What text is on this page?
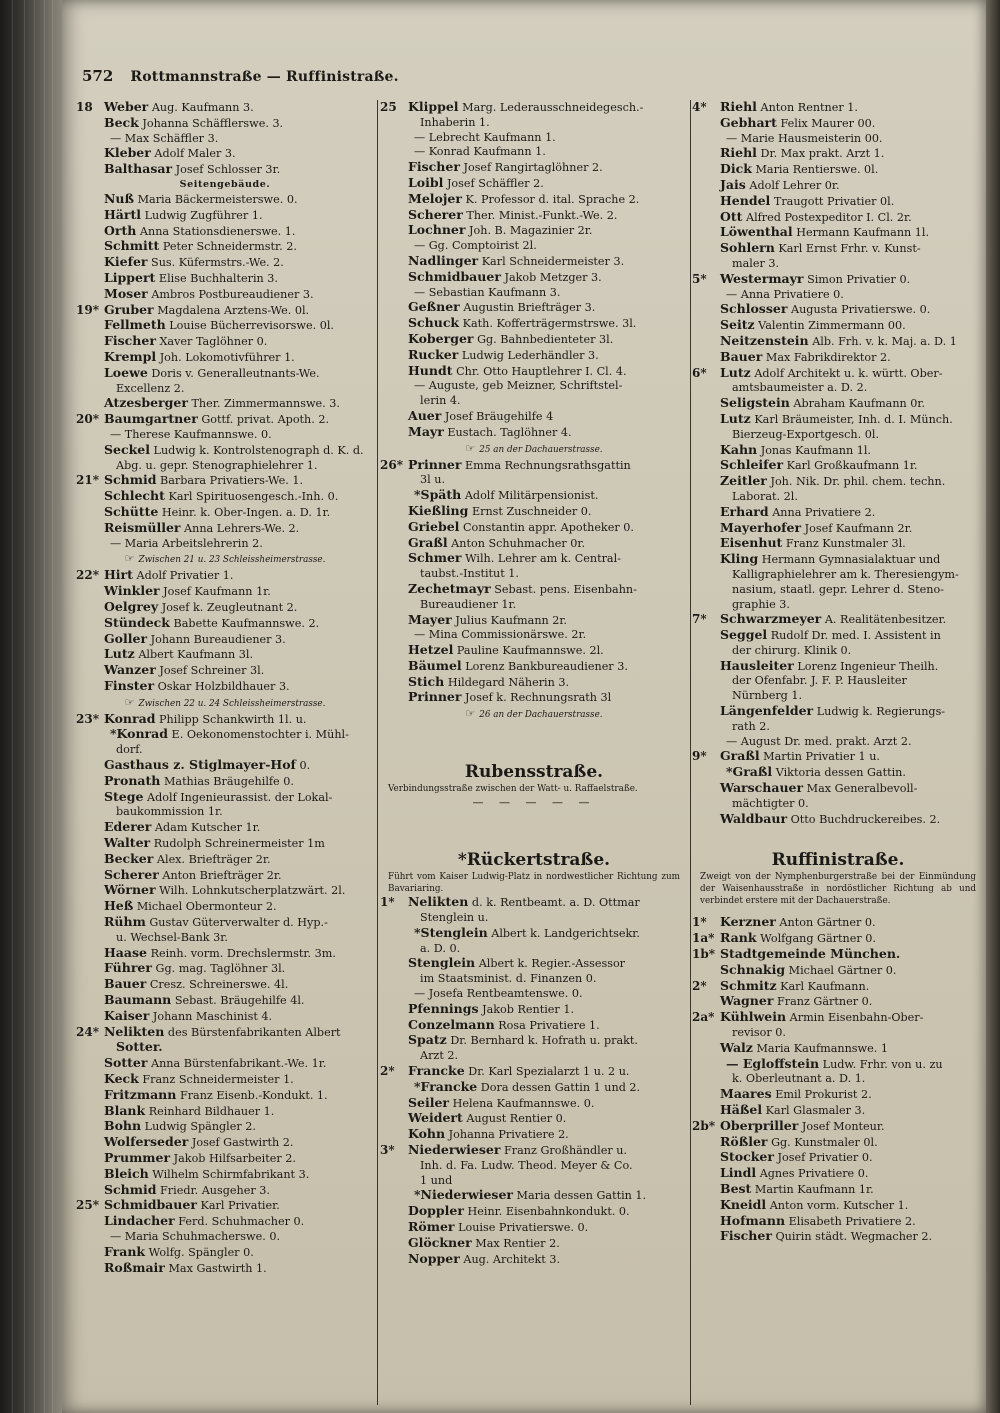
572 Rottmannstraße — Ruffinistraße.
18 Weber Aug. Kaufmann 3.
Beck Johanna Schäfflerswe. 3.
— Max Schäffler 3.
Kleber Adolf Maler 3.
Balthasar Josef Schlosser 3r.
Seitengebäude.
Nuß Maria Bäckermeisterswe. 0.
Härtl Ludwig Zugführer 1.
Orth Anna Stationsdienerswe. 1.
Schmitt Peter Schneidermstr. 2.
Kiefer Sus. Küfermstrs.-We. 2.
Lippert Elise Buchhalterin 3.
Moser Ambros Postbureaudiener 3.
19* Gruber Magdalena Arztens-We. 0l.
Fellmeth Louise Bücherrevisorswe. 0l.
Fischer Xaver Taglöhner 0.
Krempl Joh. Lokomotivführer 1.
Loewe Doris v. Generalleutnants-We.
Excellenz 2.
Atzesberger Ther. Zimmermannswe. 3.
20* Baumgartner Gottf. privat. Apoth. 2.
— Therese Kaufmannswe. 0.
Seckel Ludwig k. Kontrolstenograph d. K. d.
Abg. u. gepr. Stenographielehrer 1.
21* Schmid Barbara Privatiers-We. 1.
Schlecht Karl Spirituosengesch.-Inh. 0.
Schütte Heinr. k. Ober-Ingen. a. D. 1r.
Reismüller Anna Lehrers-We. 2.
— Maria Arbeitslehrerin 2.
☞ Zwischen 21 u. 23 Schleissheimerstrasse.
22* Hirt Adolf Privatier 1.
Winkler Josef Kaufmann 1r.
Oelgrey Josef k. Zeugleutnant 2.
Stündeck Babette Kaufmannswe. 2.
Goller Johann Bureaudiener 3.
Lutz Albert Kaufmann 3l.
Wanzer Josef Schreiner 3l.
Finster Oskar Holzbildhauer 3.
☞ Zwischen 22 u. 24 Schleissheimerstrasse.
23* Konrad Philipp Schankwirth 1l. u.
*Konrad E. Oekonomenstochter i. Mühl-
dorf.
Gasthaus z. Stiglmayer-Hof 0.
Pronath Mathias Bräugehilfe 0.
Stege Adolf Ingenieurassist. der Lokal-
baukommission 1r.
Ederer Adam Kutscher 1r.
Walter Rudolph Schreinermeister 1m
Becker Alex. Briefträger 2r.
Scherer Anton Briefträger 2r.
Wörner Wilh. Lohnkutscherplatzwärt. 2l.
Heß Michael Obermonteur 2.
Rühm Gustav Güterverwalter d. Hyp.-
u. Wechsel-Bank 3r.
Haase Reinh. vorm. Drechslermstr. 3m.
Führer Gg. mag. Taglöhner 3l.
Bauer Cresz. Schreinerswe. 4l.
Baumann Sebast. Bräugehilfe 4l.
Kaiser Johann Maschinist 4.
24* Nelikten des Bürstenfabrikanten Albert
Sotter.
Sotter Anna Bürstenfabrikant.-We. 1r.
Keck Franz Schneidermeister 1.
Fritzmann Franz Eisenb.-Kondukt. 1.
Blank Reinhard Bildhauer 1.
Bohn Ludwig Spängler 2.
Wolferseder Josef Gastwirth 2.
Prummer Jakob Hilfsarbeiter 2.
Bleich Wilhelm Schirmfabrikant 3.
Schmid Friedr. Ausgeher 3.
25* Schmidbauer Karl Privatier.
Lindacher Ferd. Schuhmacher 0.
— Maria Schuhmacherswe. 0.
Frank Wolfg. Spängler 0.
Roßmair Max Gastwirth 1.
25 Klippel Marg. Lederausschneidegesch.-
Inhaberin 1.
— Lebrecht Kaufmann 1.
— Konrad Kaufmann 1.
Fischer Josef Rangirtaglöhner 2.
Loibl Josef Schäffler 2.
Melojer K. Professor d. ital. Sprache 2.
Scherer Ther. Minist.-Funkt.-We. 2.
Lochner Joh. B. Magazinier 2r.
— Gg. Comptoirist 2l.
Nadlinger Karl Schneidermeister 3.
Schmidbauer Jakob Metzger 3.
— Sebastian Kaufmann 3.
Geßner Augustin Briefträger 3.
Schuck Kath. Kofferträgermstrswe. 3l.
Koberger Gg. Bahnbedienteter 3l.
Rucker Ludwig Lederhändler 3.
Hundt Chr. Otto Hauptlehrer I. Cl. 4.
— Auguste, geb Meizner, Schriftstel-
lerin 4.
Auer Josef Bräugehilfe 4
Mayr Eustach. Taglöhner 4.
☞ 25 an der Dachauerstrasse.
26* Prinner Emma Rechnungsrathsgattin
3l u.
*Späth Adolf Militärpensionist.
Kießling Ernst Zuschneider 0.
Griebel Constantin appr. Apotheker 0.
Graßl Anton Schuhmacher 0r.
Schmer Wilh. Lehrer am k. Central-
taubst.-Institut 1.
Zechetmayr Sebast. pens. Eisenbahn-
Bureaudiener 1r.
Mayer Julius Kaufmann 2r.
— Mina Commissionärswe. 2r.
Hetzel Pauline Kaufmannswe. 2l.
Bäumel Lorenz Bankbureaudiener 3.
Stich Hildegard Näherin 3.
Prinner Josef k. Rechnungsrath 3l
☞ 26 an der Dachauerstrasse.
Rubensstraße.
Verbindungsstraße zwischen der Watt- u. Raffaelstraße.
— — — — —
*Rückertstraße.
Führt vom Kaiser Ludwig-Platz in nordwestlicher Richtung zum Bavariaring.
1* Nelikten d. k. Rentbeamt. a. D. Ottmar
Stenglein u.
*Stenglein Albert k. Landgerichtsekr.
a. D. 0.
Stenglein Albert k. Regier.-Assessor
im Staatsminist. d. Finanzen 0.
— Josefa Rentbeamtenswe. 0.
Pfennings Jakob Rentier 1.
Conzelmann Rosa Privatiere 1.
Spatz Dr. Bernhard k. Hofrath u. prakt.
Arzt 2.
2* Francke Dr. Karl Spezialarzt 1 u. 2 u.
*Francke Dora dessen Gattin 1 und 2.
Seiler Helena Kaufmannswe. 0.
Weidert August Rentier 0.
Kohn Johanna Privatiere 2.
3* Niederwieser Franz Großhändler u.
Inh. d. Fa. Ludw. Theod. Meyer & Co.
1 und
*Niederwieser Maria dessen Gattin 1.
Doppler Heinr. Eisenbahnkondukt. 0.
Römer Louise Privatierswe. 0.
Glöckner Max Rentier 2.
Nopper Aug. Architekt 3.
4* Riehl Anton Rentner 1.
Gebhart Felix Maurer 00.
— Marie Hausmeisterin 00.
Riehl Dr. Max prakt. Arzt 1.
Dick Maria Rentierswe. 0l.
Jais Adolf Lehrer 0r.
Hendel Traugott Privatier 0l.
Ott Alfred Postexpeditor I. Cl. 2r.
Löwenthal Hermann Kaufmann 1l.
Sohlern Karl Ernst Frhr. v. Kunst-
maler 3.
5* Westermayr Simon Privatier 0.
— Anna Privatiere 0.
Schlosser Augusta Privatierswe. 0.
Seitz Valentin Zimmermann 00.
Neitzenstein Alb. Frh. v. k. Maj. a. D. 1
Bauer Max Fabrikdirektor 2.
6* Lutz Adolf Architekt u. k. württ. Ober-
amtsbaumeister a. D. 2.
Seligstein Abraham Kaufmann 0r.
Lutz Karl Bräumeister, Inh. d. I. Münch.
Bierzeug-Exportgesch. 0l.
Kahn Jonas Kaufmann 1l.
Schleifer Karl Großkaufmann 1r.
Zeitler Joh. Nik. Dr. phil. chem. techn.
Laborat. 2l.
Erhard Anna Privatiere 2.
Mayerhofer Josef Kaufmann 2r.
Eisenhut Franz Kunstmaler 3l.
Kling Hermann Gymnasialaktuar und
Kalligraphielehrer am k. Theresiengym-
nasium, staatl. gepr. Lehrer d. Steno-
graphie 3.
7* Schwarzmeyer A. Realitätenbesitzer.
Seggel Rudolf Dr. med. I. Assistent in
der chirurg. Klinik 0.
Hausleiter Lorenz Ingenieur Theilh.
der Ofenfabr. J. F. P. Hausleiter
Nürnberg 1.
Längenfelder Ludwig k. Regierungs-
rath 2.
— August Dr. med. prakt. Arzt 2.
9* Graßl Martin Privatier 1 u.
*Graßl Viktoria dessen Gattin.
Warschauer Max Generalbevoll-
mächtigter 0.
Waldbaur Otto Buchdruckereibes. 2.
Ruffinistraße.
Zweigt von der Nymphenburgerstraße bei der Einmündung der Waisenhausstraße in nordöstlicher Richtung ab und verbindet erstere mit der Dachauerstraße.
1* Kerzner Anton Gärtner 0.
1a* Rank Wolfgang Gärtner 0.
1b* Stadtgemeinde München.
Schnakig Michael Gärtner 0.
2* Schmitz Karl Kaufmann.
Wagner Franz Gärtner 0.
2a* Kühlwein Armin Eisenbahn-Ober-
revisor 0.
Walz Maria Kaufmannswe. 1
— Egloffstein Ludw. Frhr. von u. zu
k. Oberleutnant a. D. 1.
Maares Emil Prokurist 2.
Häßel Karl Glasmaler 3.
2b* Oberpriller Josef Monteur.
Rößler Gg. Kunstmaler 0l.
Stocker Josef Privatier 0.
Lindl Agnes Privatiere 0.
Best Martin Kaufmann 1r.
Kneidl Anton vorm. Kutscher 1.
Hofmann Elisabeth Privatiere 2.
Fischer Quirin städt. Wegmacher 2.
